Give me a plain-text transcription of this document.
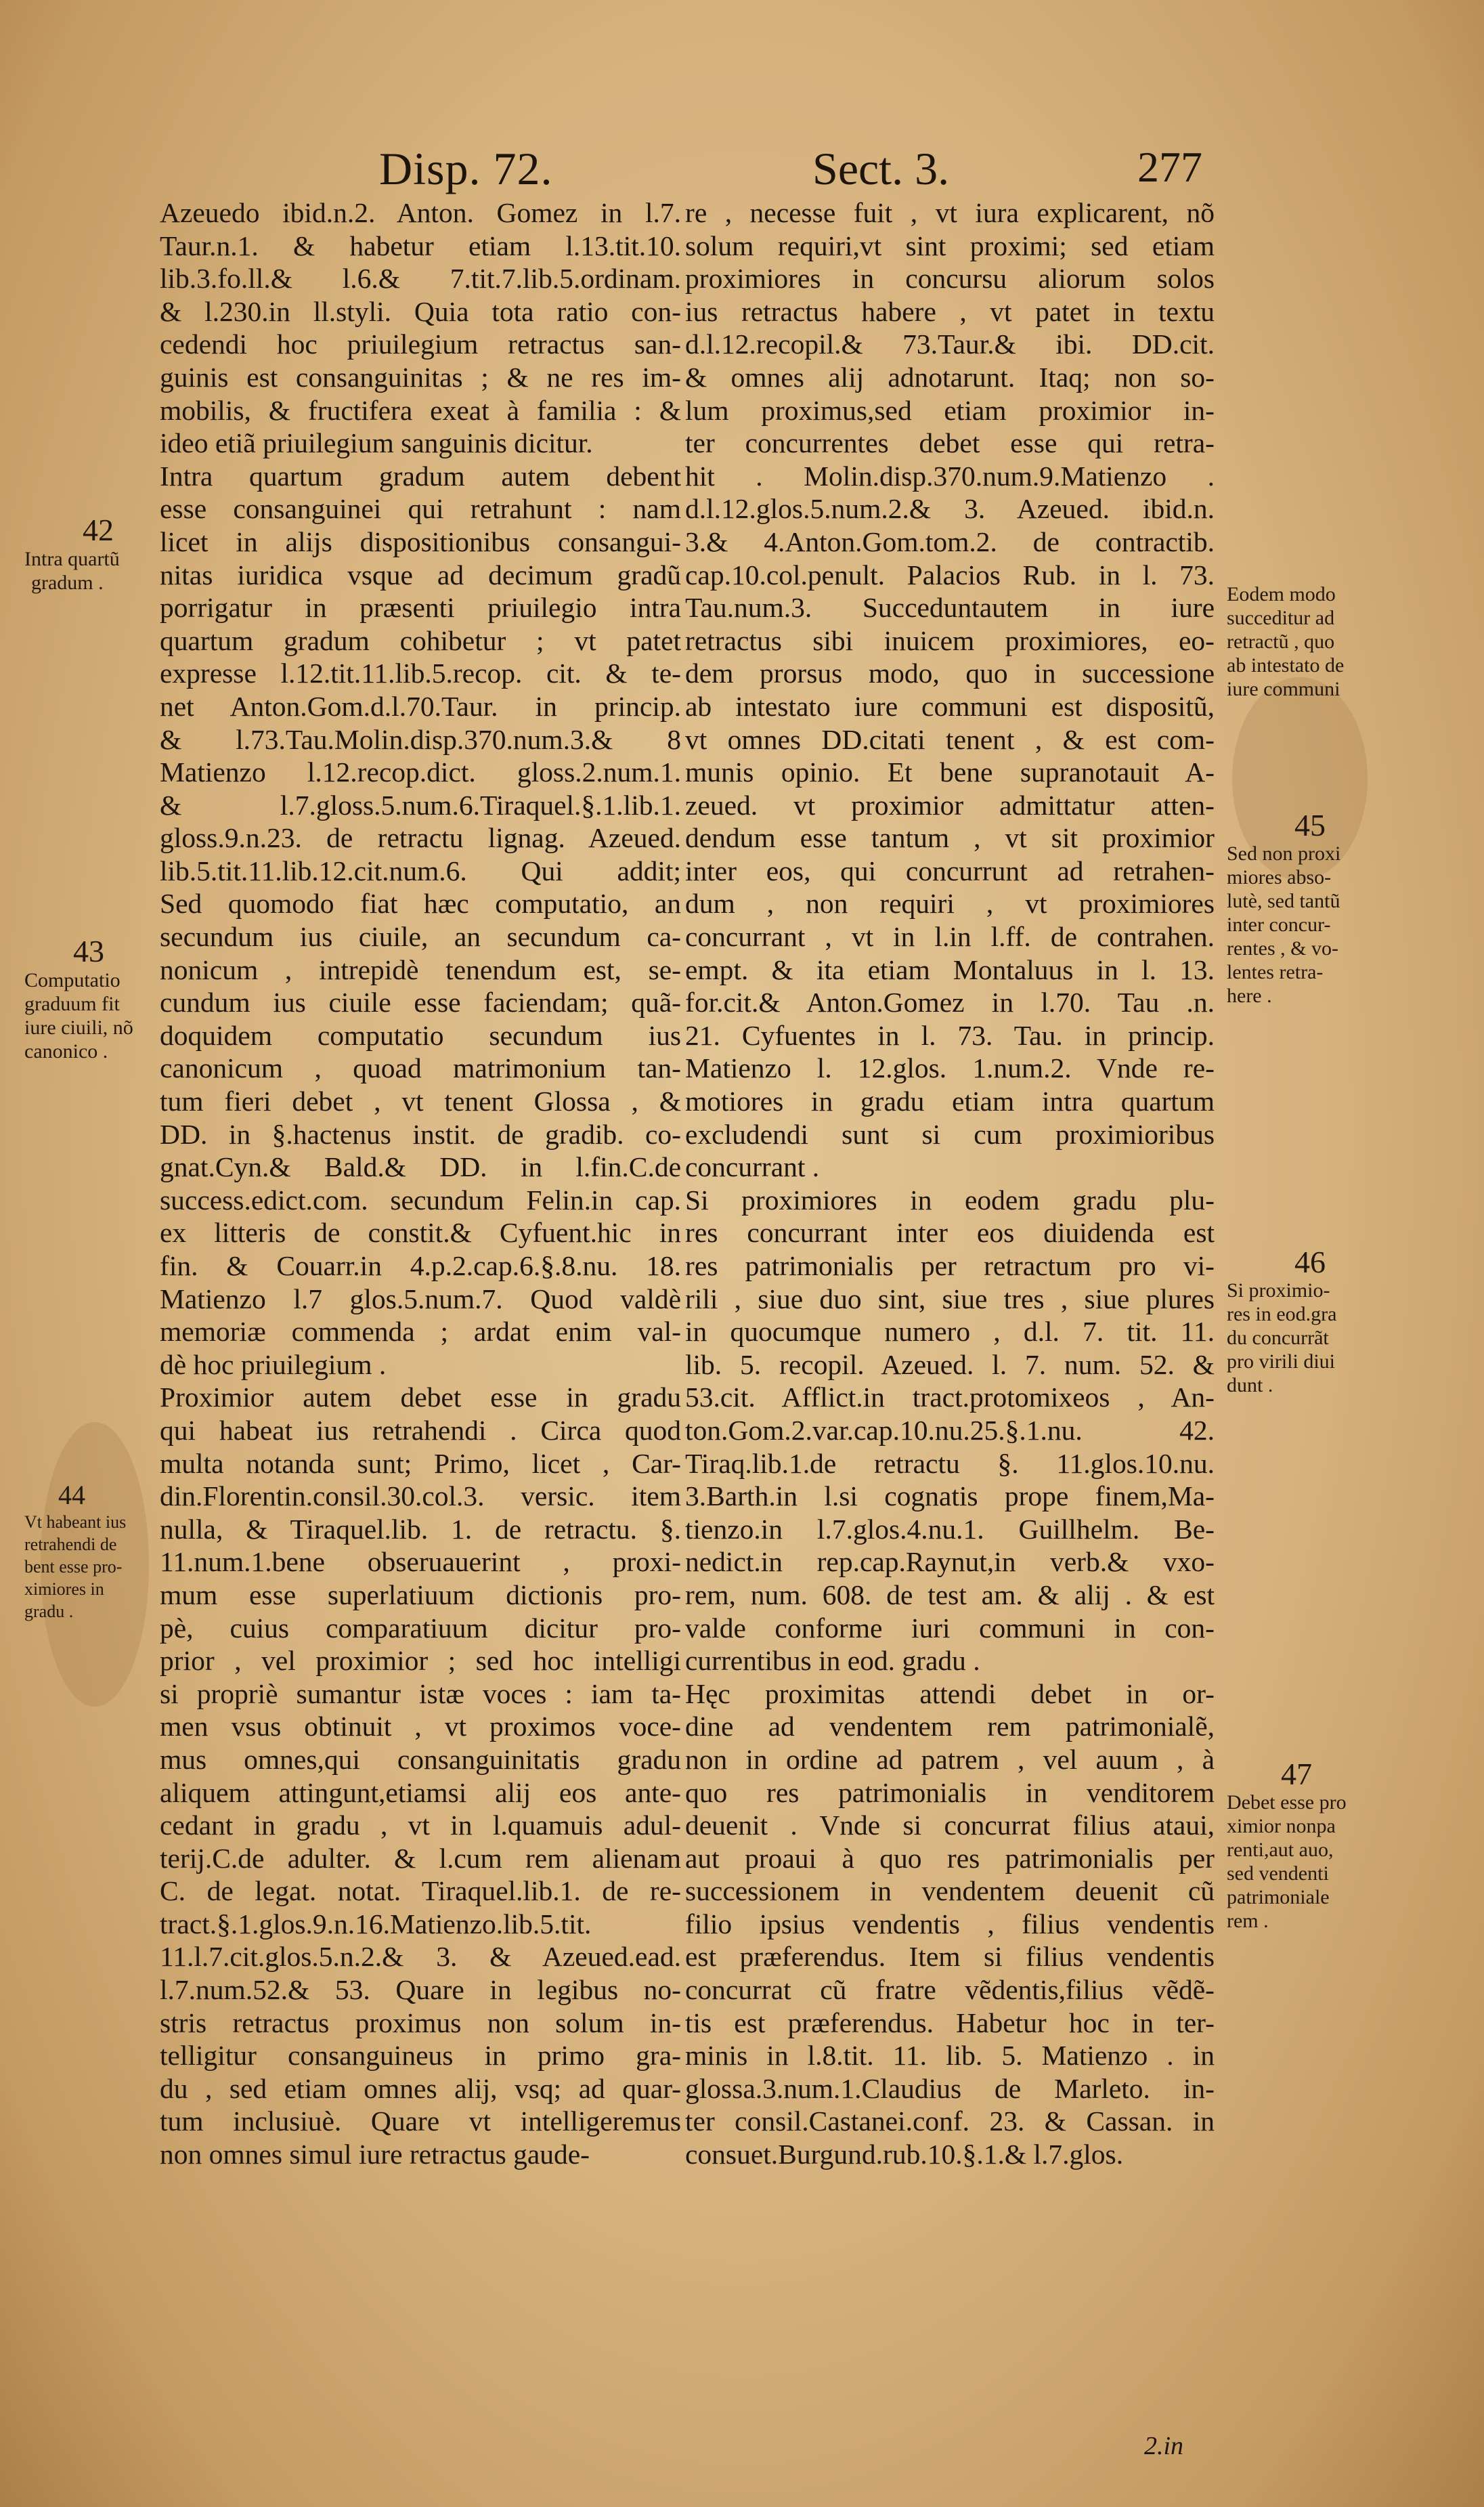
Disp. 72.	Sect. 3.	277
Azeuedo ibid.n.2. Anton. Gomez in l.7.
Taur.n.1. & habetur etiam l.13.tit.10.
lib.3.fo.ll.& l.6.& 7.tit.7.lib.5.ordinam.
& l.230.in ll.styli. Quia tota ratio con-
cedendi hoc priuilegium retractus san-
guinis est consanguinitas ; & ne res im-
mobilis, & fructifera exeat à familia : &
ideo etiã priuilegium sanguinis dicitur.
Intra quartum gradum autem debent
esse consanguinei qui retrahunt : nam
licet in alijs dispositionibus consangui-
nitas iuridica vsque ad decimum gradũ
porrigatur in præsenti priuilegio intra
quartum gradum cohibetur ; vt patet
expresse l.12.tit.11.lib.5.recop. cit. & te-
net Anton.Gom.d.l.70.Taur. in princip.
& l.73.Tau.Molin.disp.370.num.3.& 8
Matienzo l.12.recop.dict. gloss.2.num.1.
& l.7.gloss.5.num.6.Tiraquel.§.1.lib.1.
gloss.9.n.23. de retractu lignag. Azeued.
lib.5.tit.11.lib.12.cit.num.6. Qui addit;
Sed quomodo fiat hæc computatio, an
secundum ius ciuile, an secundum ca-
nonicum , intrepidè tenendum est, se-
cundum ius ciuile esse faciendam; quã-
doquidem computatio secundum ius
canonicum , quoad matrimonium tan-
tum fieri debet , vt tenent Glossa , &
DD. in §.hactenus instit. de gradib. co-
gnat.Cyn.& Bald.& DD. in l.fin.C.de
success.edict.com. secundum Felin.in cap.
ex litteris de constit.& Cyfuent.hic in
fin. & Couarr.in 4.p.2.cap.6.§.8.nu. 18.
Matienzo l.7 glos.5.num.7. Quod valdè
memoriæ commenda ; ardat enim val-
dè hoc priuilegium .
Proximior autem debet esse in gradu
qui habeat ius retrahendi . Circa quod
multa notanda sunt; Primo, licet , Car-
din.Florentin.consil.30.col.3. versic. item
nulla, & Tiraquel.lib. 1. de retractu. §.
11.num.1.bene obseruauerint , proxi-
mum esse superlatiuum dictionis pro-
pè, cuius comparatiuum dicitur pro-
prior , vel proximior ; sed hoc intelligi
si propriè sumantur istæ voces : iam ta-
men vsus obtinuit , vt proximos voce-
mus omnes,qui consanguinitatis gradu
aliquem attingunt,etiamsi alij eos ante-
cedant in gradu , vt in l.quamuis adul-
terij.C.de adulter. & l.cum rem alienam
C. de legat. notat. Tiraquel.lib.1. de re-
tract.§.1.glos.9.n.16.Matienzo.lib.5.tit.
11.l.7.cit.glos.5.n.2.& 3. & Azeued.ead.
l.7.num.52.& 53. Quare in legibus no-
stris retractus proximus non solum in-
telligitur consanguineus in primo gra-
du , sed etiam omnes alij, vsq; ad quar-
tum inclusiuè. Quare vt intelligeremus
non omnes simul iure retractus gaude-
re , necesse fuit , vt iura explicarent, nõ
solum requiri,vt sint proximi; sed etiam
proximiores in concursu aliorum solos
ius retractus habere , vt patet in textu
d.l.12.recopil.& 73.Taur.& ibi. DD.cit.
& omnes alij adnotarunt. Itaq; non so-
lum proximus,sed etiam proximior in-
ter concurrentes debet esse qui retra-
hit . Molin.disp.370.num.9.Matienzo .
d.l.12.glos.5.num.2.& 3. Azeued. ibid.n.
3.& 4.Anton.Gom.tom.2. de contractib.
cap.10.col.penult. Palacios Rub. in l. 73.
Tau.num.3. Succeduntautem in iure
retractus sibi inuicem proximiores, eo-
dem prorsus modo, quo in successione
ab intestato iure communi est dispositũ,
vt omnes DD.citati tenent , & est com-
munis opinio. Et bene supranotauit A-
zeued. vt proximior admittatur atten-
dendum esse tantum , vt sit proximior
inter eos, qui concurrunt ad retrahen-
dum , non requiri , vt proximiores
concurrant , vt in l.in l.ff. de contrahen.
empt. & ita etiam Montaluus in l. 13.
for.cit.& Anton.Gomez in l.70. Tau .n.
21. Cyfuentes in l. 73. Tau. in princip.
Matienzo l. 12.glos. 1.num.2. Vnde re-
motiores in gradu etiam intra quartum
excludendi sunt si cum proximioribus
concurrant .
Si proximiores in eodem gradu plu-
res concurrant inter eos diuidenda est
res patrimonialis per retractum pro vi-
rili , siue duo sint, siue tres , siue plures
in quocumque numero , d.l. 7. tit. 11.
lib. 5. recopil. Azeued. l. 7. num. 52. &
53.cit. Afflict.in tract.protomixeos , An-
ton.Gom.2.var.cap.10.nu.25.§.1.nu. 42.
Tiraq.lib.1.de retractu §. 11.glos.10.nu.
3.Barth.in l.si cognatis prope finem,Ma-
tienzo.in l.7.glos.4.nu.1. Guillhelm. Be-
nedict.in rep.cap.Raynut,in verb.& vxo-
rem, num. 608. de test am. & alij . & est
valde conforme iuri communi in con-
currentibus in eod. gradu .
Hęc proximitas attendi debet in or-
dine ad vendentem rem patrimonialẽ,
non in ordine ad patrem , vel auum , à
quo res patrimonialis in venditorem
deuenit . Vnde si concurrat filius ataui,
aut proaui à quo res patrimonialis per
successionem in vendentem deuenit cũ
filio ipsius vendentis , filius vendentis
est præferendus. Item si filius vendentis
concurrat cũ fratre vẽdentis,filius vẽdẽ-
tis est præferendus. Habetur hoc in ter-
minis in l.8.tit. 11. lib. 5. Matienzo . in
glossa.3.num.1.Claudius de Marleto. in-
ter consil.Castanei.conf. 23. & Cassan. in
consuet.Burgund.rub.10.§.1.& l.7.glos.
42
Intra quartũ
gradum .
43
Computatio
graduum fit
iure ciuili, nõ
canonico .
44
Vt habeant ius
retrahendi de
bent esse pro-
ximiores in
gradu .
Eodem modo
succeditur ad
retractũ , quo
ab intestato de
iure communi
45
Sed non proxi
miores abso-
lutè, sed tantũ
inter concur-
rentes , & vo-
lentes retra-
here .
46
Si proximio-
res in eod.gra
du concurrãt
pro virili diui
dunt .
47
Debet esse pro
ximior nonpa
renti,aut auo,
sed vendenti
patrimoniale
rem .
2.in
